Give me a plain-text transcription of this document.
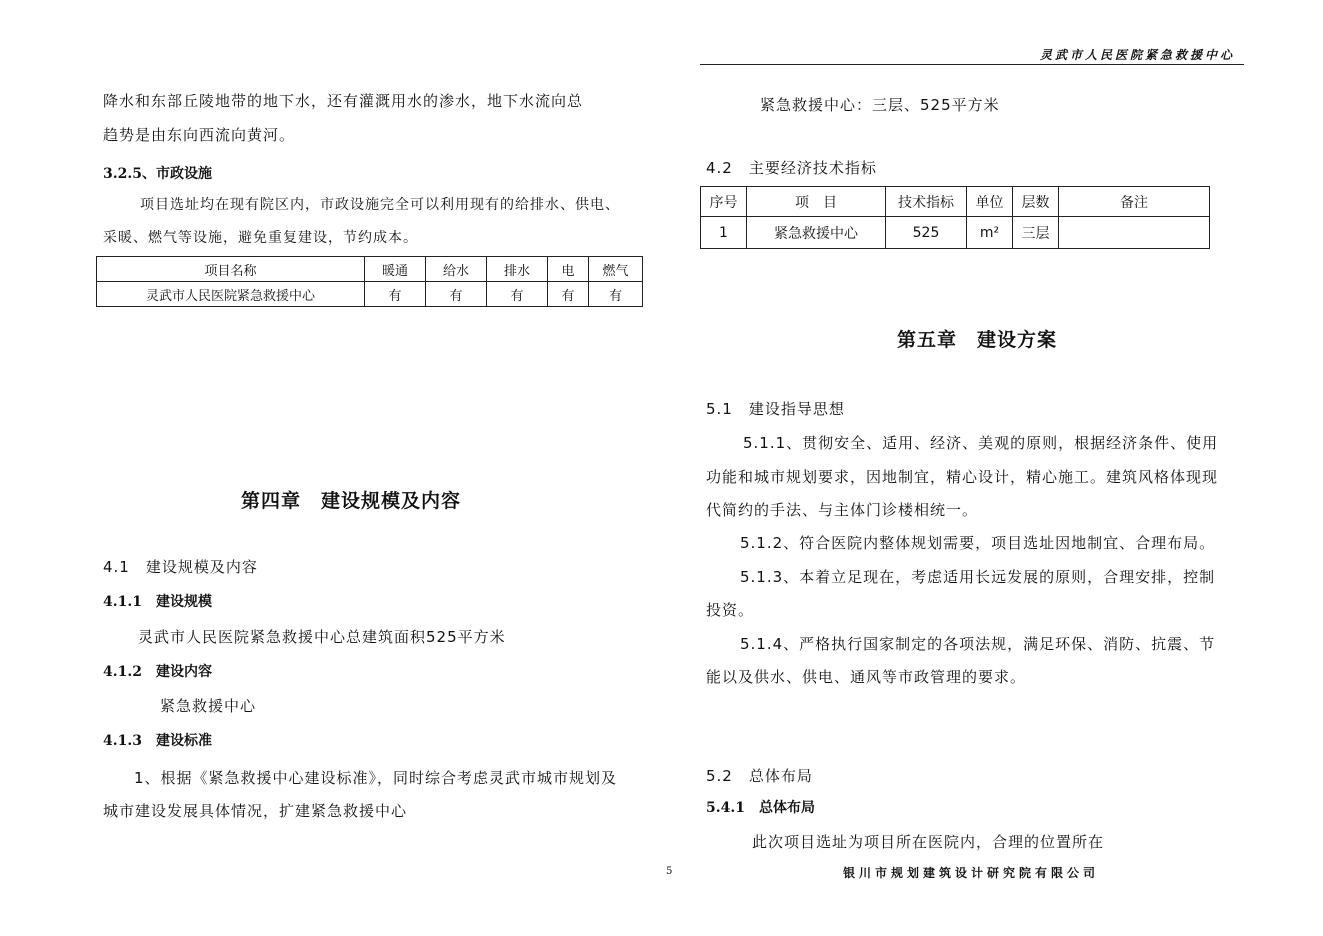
灵武市人民医院紧急救援中心
降水和东部丘陵地带的地下水，还有灌溉用水的渗水，地下水流向总
趋势是由东向西流向黄河。
3.2.5、市政设施
项目选址均在现有院区内，市政设施完全可以利用现有的给排水、供电、
采暖、燃气等设施，避免重复建设，节约成本。
项目名称	暖通	给水	排水	电	燃气
灵武市人民医院紧急救援中心	有	有	有	有	有
第四章　建设规模及内容
4.1　建设规模及内容
4.1.1　建设规模
灵武市人民医院紧急救援中心总建筑面积525平方米
4.1.2　建设内容
紧急救援中心
4.1.3　建设标准
1、根据《紧急救援中心建设标准》，同时综合考虑灵武市城市规划及
城市建设发展具体情况，扩建紧急救援中心
紧急救援中心：三层、525平方米
4.2　主要经济技术指标
序号	项　目	技术指标	单位	层数	备注
1	紧急救援中心	525	m²	三层	
第五章　建设方案
5.1　建设指导思想
5.1.1、贯彻安全、适用、经济、美观的原则，根据经济条件、使用
功能和城市规划要求，因地制宜，精心设计，精心施工。建筑风格体现现
代简约的手法、与主体门诊楼相统一。
5.1.2、符合医院内整体规划需要，项目选址因地制宜、合理布局。
5.1.3、本着立足现在，考虑适用长远发展的原则，合理安排，控制
投资。
5.1.4、严格执行国家制定的各项法规，满足环保、消防、抗震、节
能以及供水、供电、通风等市政管理的要求。
5.2　总体布局
5.4.1　总体布局
此次项目选址为项目所在医院内，合理的位置所在
5	银川市规划建筑设计研究院有限公司
